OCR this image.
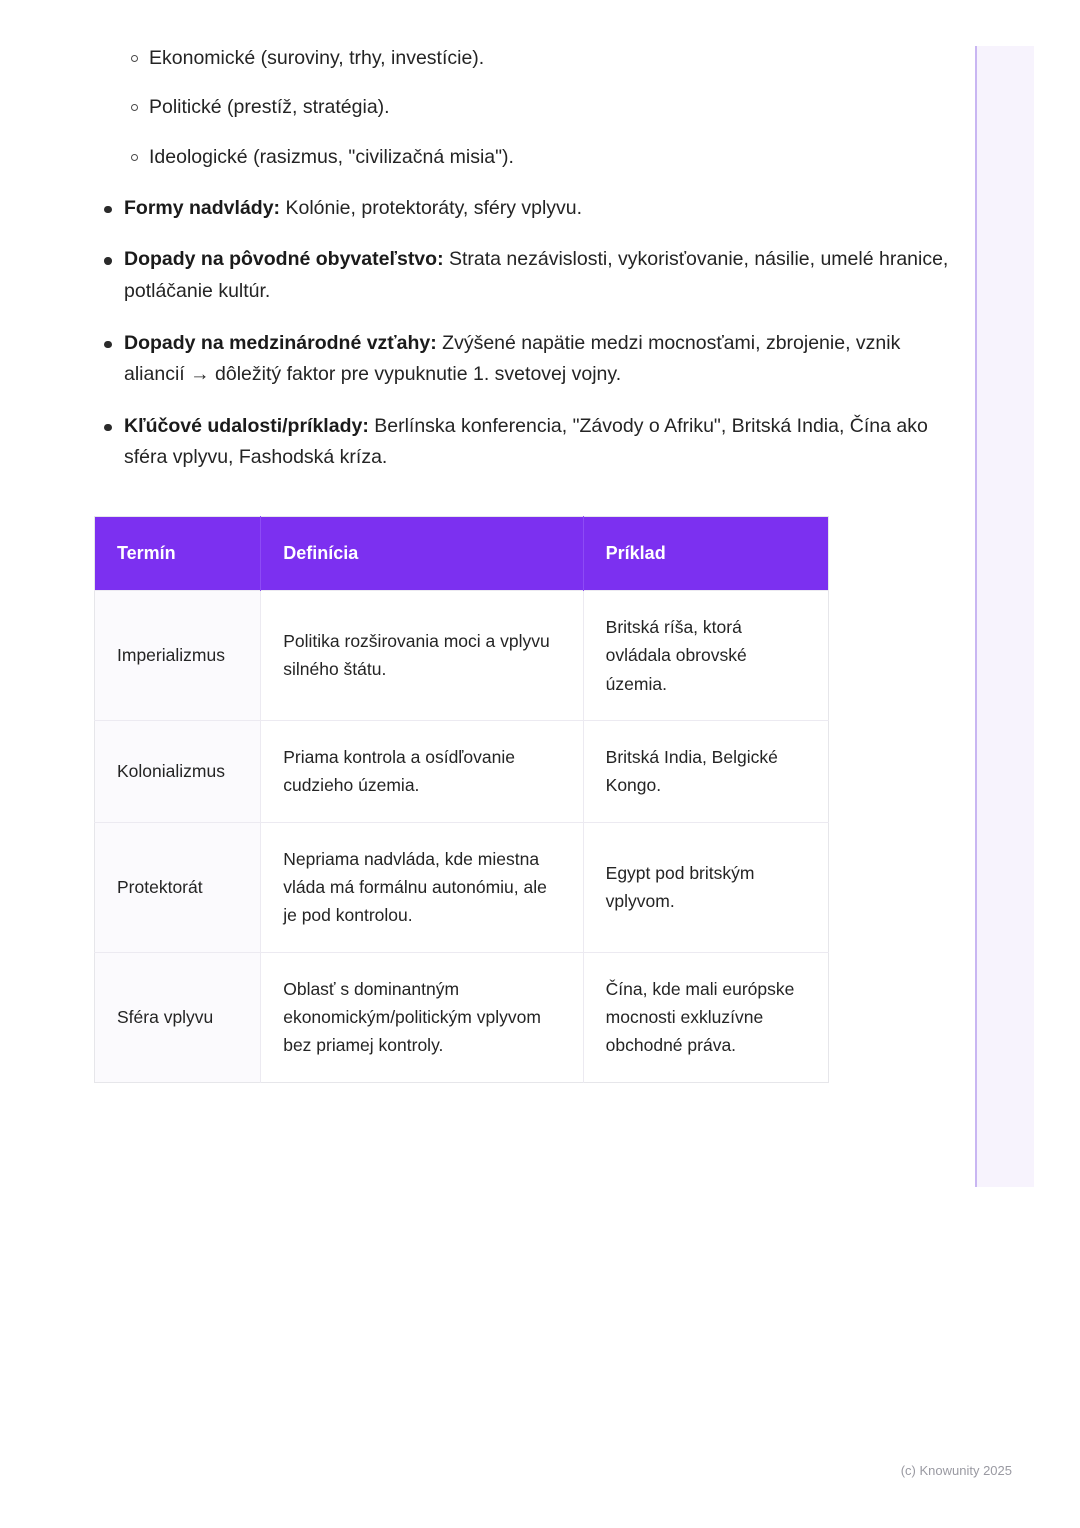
Ekonomické (suroviny, trhy, investície).
Politické (prestíž, stratégia).
Ideologické (rasizmus, "civilizačná misia").
Formy nadvlády: Kolónie, protektoráty, sféry vplyvu.
Dopady na pôvodné obyvateľstvo: Strata nezávislosti, vykorisťovanie, násilie, umelé hranice, potláčanie kultúr.
Dopady na medzinárodné vzťahy: Zvýšené napätie medzi mocnosťami, zbrojenie, vznik aliancií → dôležitý faktor pre vypuknutie 1. svetovej vojny.
Kľúčové udalosti/príklady: Berlínska konferencia, "Závody o Afriku", Britská India, Čína ako sféra vplyvu, Fashodská kríza.
Termín	Definícia	Príklad
Imperializmus	Politika rozširovania moci a vplyvu silného štátu.	Britská ríša, ktorá ovládala obrovské územia.
Kolonializmus	Priama kontrola a osídľovanie cudzieho územia.	Britská India, Belgické Kongo.
Protektorát	Nepriama nadvláda, kde miestna vláda má formálnu autonómiu, ale je pod kontrolou.	Egypt pod britským vplyvom.
Sféra vplyvu	Oblasť s dominantným ekonomickým/politickým vplyvom bez priamej kontroly.	Čína, kde mali európske mocnosti exkluzívne obchodné práva.
(c) Knowunity 2025
